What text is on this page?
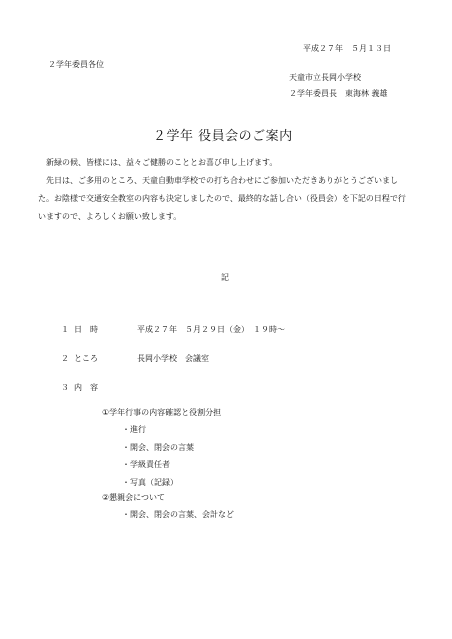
平成２７年　５月１３日
２学年委員各位
天童市立長岡小学校
２学年委員長　東海林 義雄
２学年 役員会のご案内

新緑の候、皆様には、益々ご健勝のこととお喜び申し上げます。

先日は、ご多用のところ、天童自動車学校での打ち合わせにご参加いただきありがとうございました。お陰様で交通安全教室の内容も決定しましたので、最終的な話し合い（役員会）を下記の日程で行いますので、よろしくお願い致します。

記
１ 日　時	平成２７年　５月２９日（金）　１９時～
２ ところ	長岡小学校　会議室
３ 内　容
①学年行事の内容確認と役割分担
・進行
・開会、閉会の言葉
・学級責任者
・写真（記録）
②懇親会について
・開会、閉会の言葉、会計など
